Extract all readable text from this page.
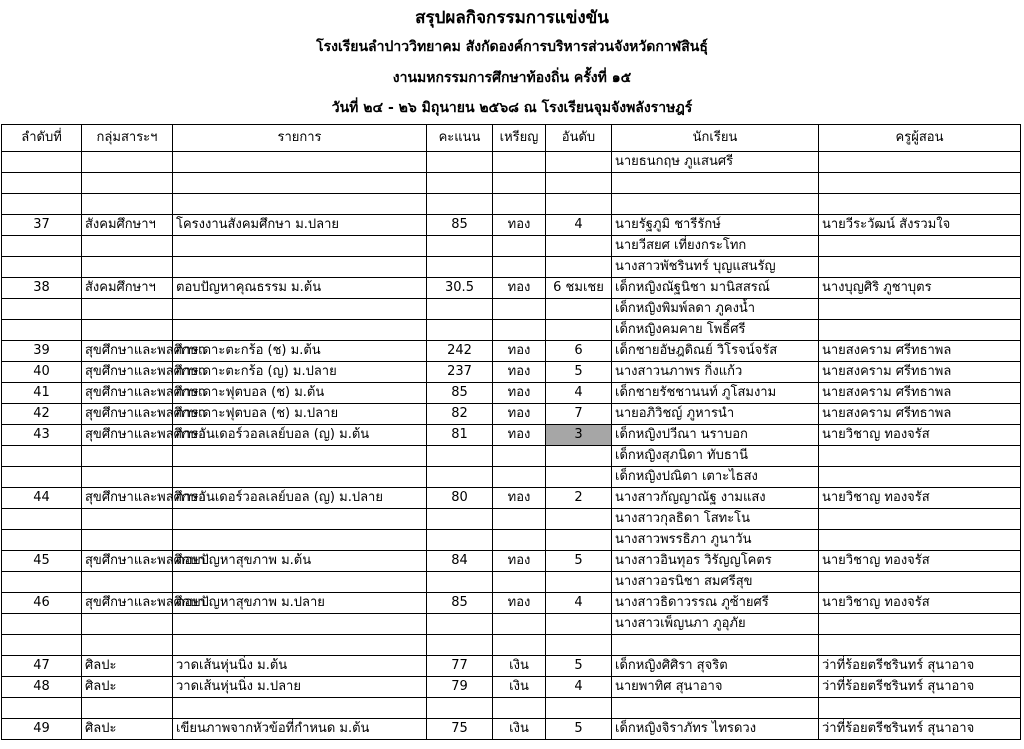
สรุปผลกิจกรรมการแข่งขัน
โรงเรียนลำปาววิทยาคม สังกัดองค์การบริหารส่วนจังหวัดกาฬสินธุ์
งานมหกรรมการศึกษาท้องถิ่น ครั้งที่ ๑๕
วันที่ ๒๔ - ๒๖ มิถุนายน ๒๕๖๘ ณ โรงเรียนจุมจังพลังราษฎร์
ลำดับที่	กลุ่มสาระฯ	รายการ	คะแนน	เหรียญ	อันดับ	นักเรียน	ครูผู้สอน
						นายธนกฤษ ภูแสนศรี	

37	สังคมศึกษาฯ	โครงงานสังคมศึกษา ม.ปลาย	85	ทอง	4	นายรัฐภูมิ ชารีรักษ์	นายวีระวัฒน์ สังรวมใจ
						นายวีสยศ เที่ยงกระโทก	
						นางสาวพัชรินทร์ บุญแสนรัญ	
38	สังคมศึกษาฯ	ตอบปัญหาคุณธรรม ม.ต้น	30.5	ทอง	6 ชมเชย	เด็กหญิงณัฐนิชา มานิสสรณ์	นางบุญศิริ ภูชาบุตร
						เด็กหญิงพิมพ์ลดา ภูคงน้ำ	
						เด็กหญิงคมคาย โพธิ์ศรี	
39	สุขศึกษาและพลศึกษา	การเดาะตะกร้อ (ช) ม.ต้น	242	ทอง	6	เด็กชายอัษฎดิณย์ วิโรจน์จรัส	นายสงคราม ศรีทธาพล
40	สุขศึกษาและพลศึกษา	การเดาะตะกร้อ (ญ) ม.ปลาย	237	ทอง	5	นางสาวนภาพร กิ่งแก้ว	นายสงคราม ศรีทธาพล
41	สุขศึกษาและพลศึกษา	การเดาะฟุตบอล (ช) ม.ต้น	85	ทอง	4	เด็กชายรัชชานนท์ ภูโสมงาม	นายสงคราม ศรีทธาพล
42	สุขศึกษาและพลศึกษา	การเดาะฟุตบอล (ช) ม.ปลาย	82	ทอง	7	นายอภิวิชญ์ ภูหารนำ	นายสงคราม ศรีทธาพล
43	สุขศึกษาและพลศึกษา	การอันเดอร์วอลเลย์บอล (ญ) ม.ต้น	81	ทอง	3	เด็กหญิงปวีณา นราบอก	นายวิชาญ ทองจรัส
						เด็กหญิงสุภนิดา ทับธานี	
						เด็กหญิงปณิตา เตาะไธสง	
44	สุขศึกษาและพลศึกษา	การอันเดอร์วอลเลย์บอล (ญ) ม.ปลาย	80	ทอง	2	นางสาวกัญญาณัฐ งามแสง	นายวิชาญ ทองจรัส
						นางสาวกุลธิดา โสทะโน	
						นางสาวพรรธิภา ภูนาวัน	
45	สุขศึกษาและพลศึกษา	ตอบปัญหาสุขภาพ ม.ต้น	84	ทอง	5	นางสาวอินทุอร วิรัญญโคตร	นายวิชาญ ทองจรัส
						นางสาวอรนิชา สมศรีสุข	
46	สุขศึกษาและพลศึกษา	ตอบปัญหาสุขภาพ ม.ปลาย	85	ทอง	4	นางสาวธิดาวรรณ ภูซ้ายศรี	นายวิชาญ ทองจรัส
						นางสาวเพ็ญนภา ภูอุภัย	

47	ศิลปะ	วาดเส้นหุ่นนิ่ง ม.ต้น	77	เงิน	5	เด็กหญิงศิศิรา สุจริต	ว่าที่ร้อยตรีชรินทร์ สุนาอาจ
48	ศิลปะ	วาดเส้นหุ่นนิ่ง ม.ปลาย	79	เงิน	4	นายพาทิศ สุนาอาจ	ว่าที่ร้อยตรีชรินทร์ สุนาอาจ

49	ศิลปะ	เขียนภาพจากหัวข้อที่กำหนด ม.ต้น	75	เงิน	5	เด็กหญิงจิราภัทร ไทรดวง	ว่าที่ร้อยตรีชรินทร์ สุนาอาจ
